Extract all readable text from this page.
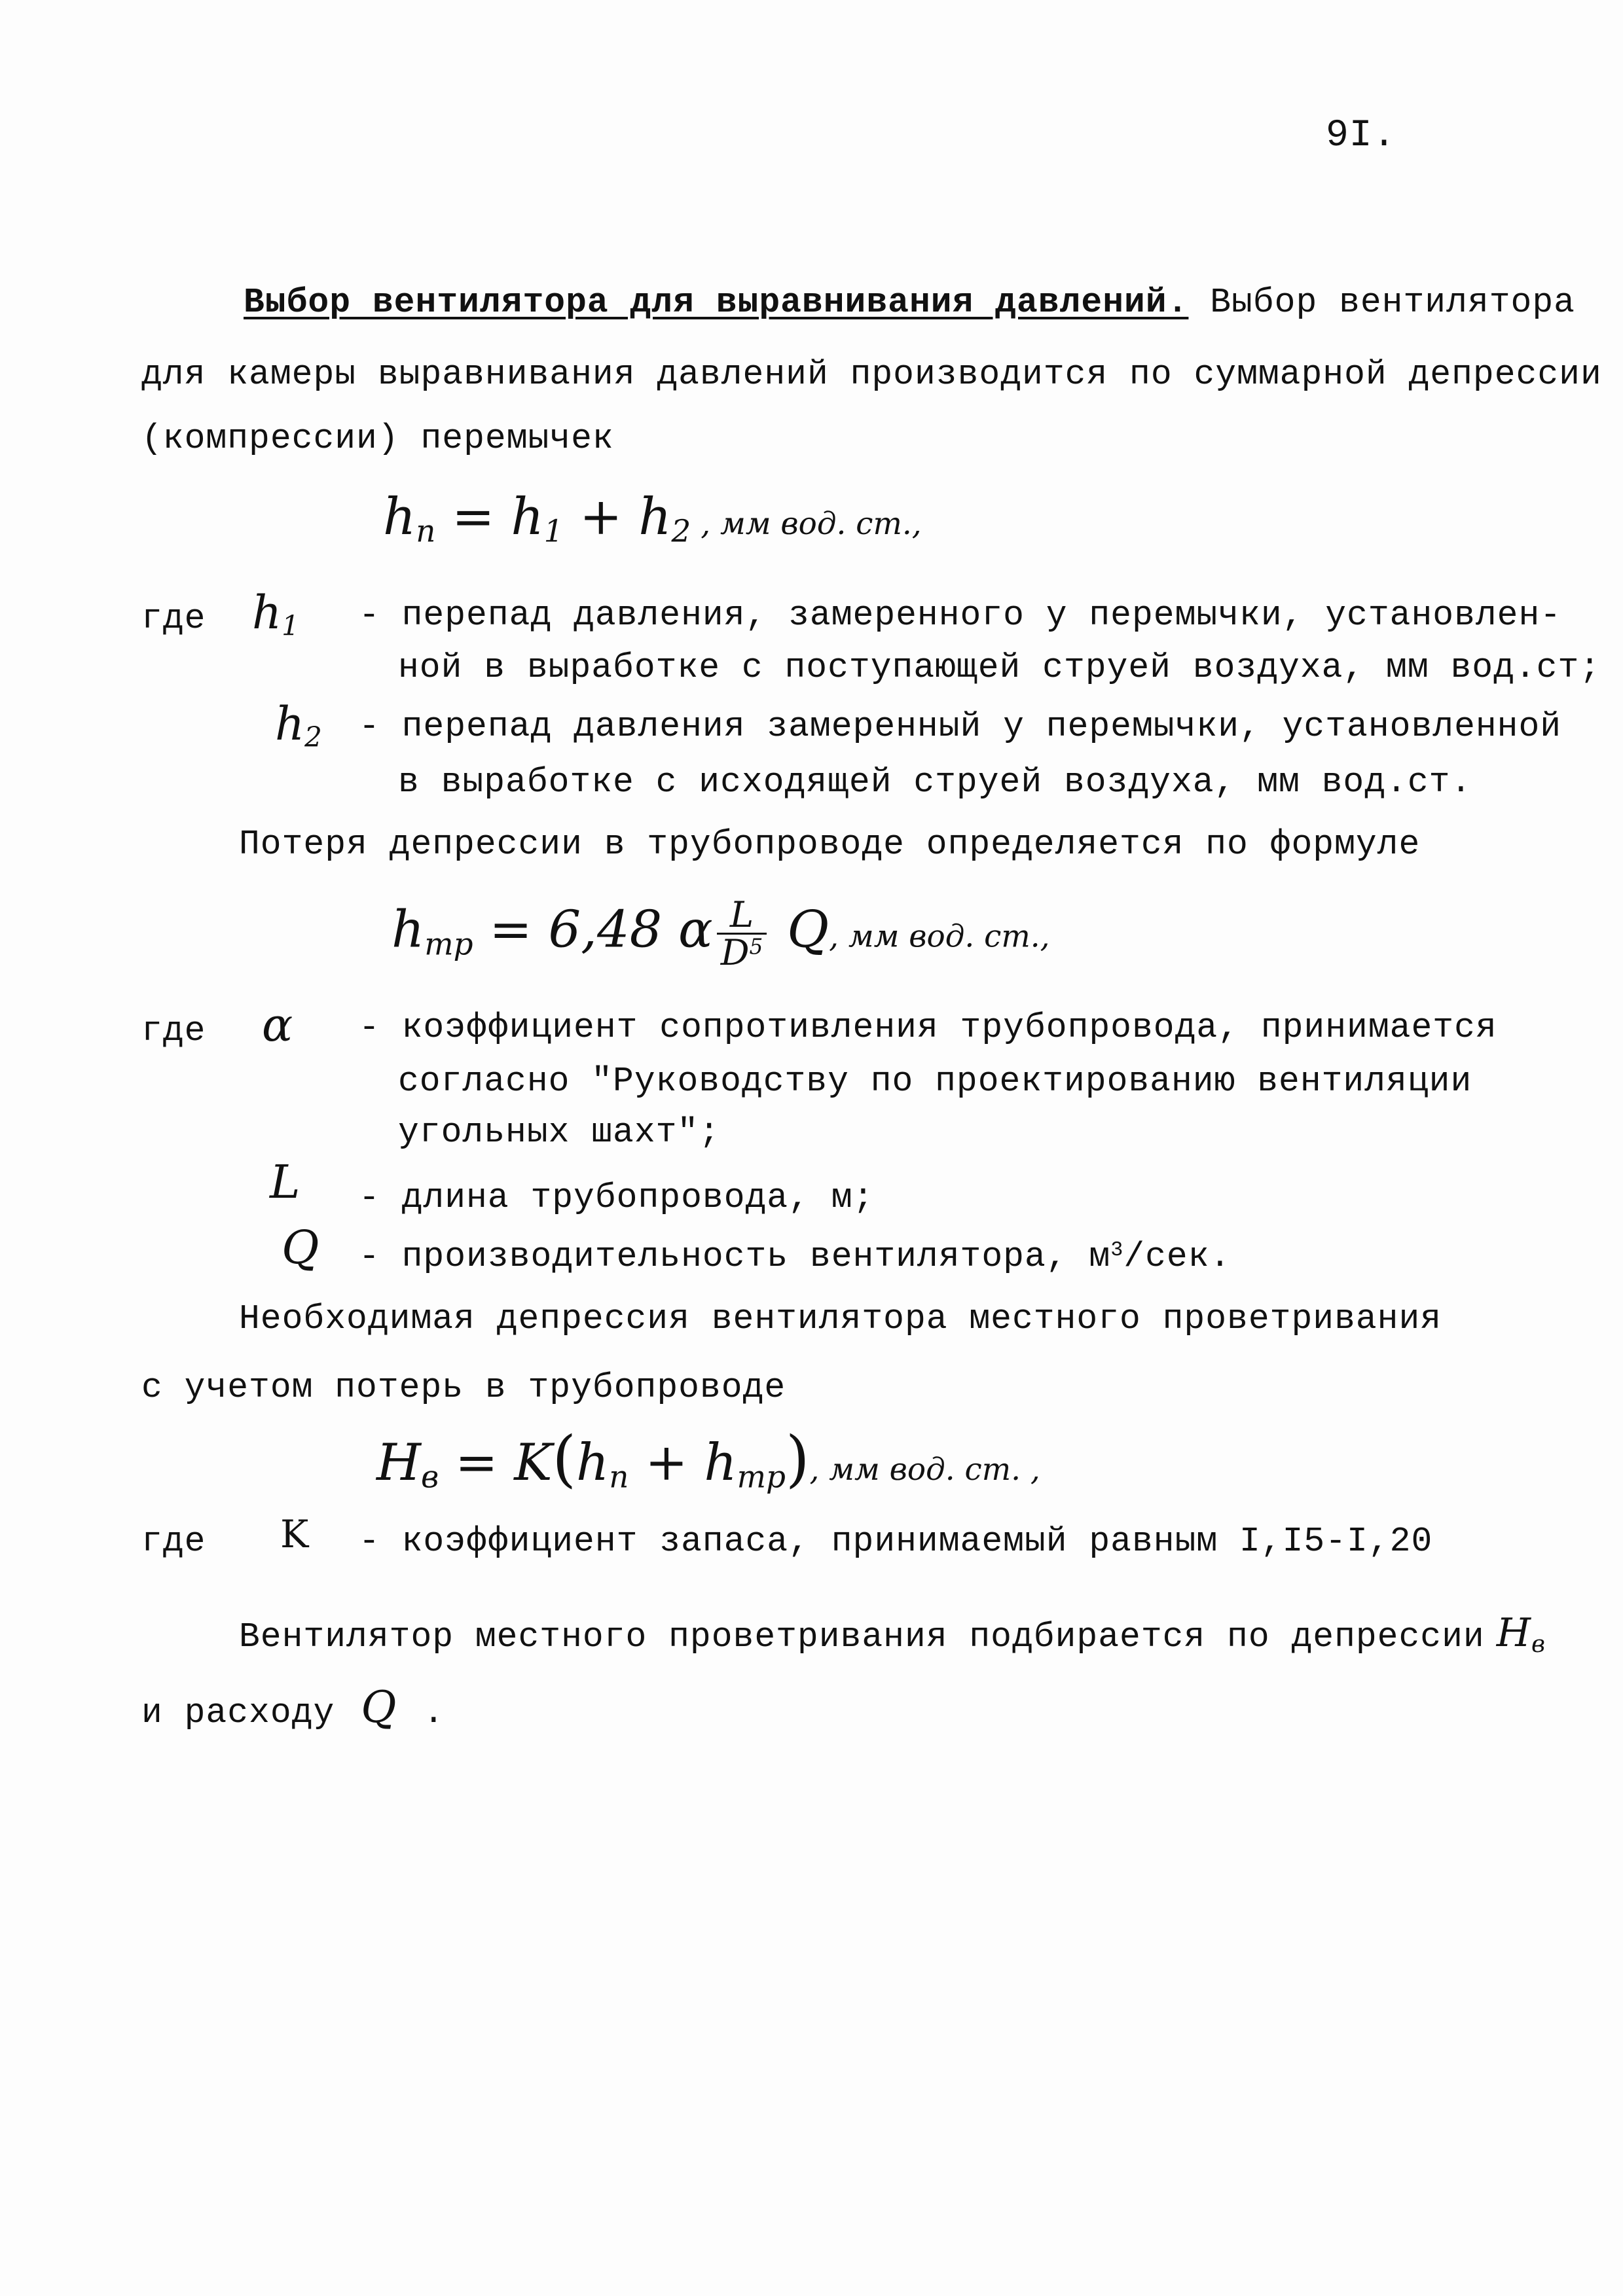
9I.
Выбор вентилятора для выравнивания давлений. Выбор вентилятора
для камеры выравнивания давлений производится по суммарной депрессии
(компрессии) перемычек
$h_п = h_1 + h_2$ , мм вод. ст.,
где $h_1$ - перепад давления, замеренного у перемычки, установлен-
ной в выработке с поступающей струей воздуха, мм вод.ст;
$h_2$ - перепад давления замеренный у перемычки, установленной
в выработке с исходящей струей воздуха, мм вод.ст.
Потеря депрессии в трубопроводе определяется по формуле
$h_{тр} = 6,48$ α $\frac{L}{D^5} Q$, мм вод. ст.,
где α - коэффициент сопротивления трубопровода, принимается
согласно "Руководству по проектированию вентиляции
угольных шахт";
L - длина трубопровода, м;
Q - производительность вентилятора, $м^3$/сек.
Необходимая депрессия вентилятора местного проветривания
с учетом потерь в трубопроводе
$H_в = K(h_п + h_{тр})$, мм вод. ст. ,
где K - коэффициент запаса, принимаемый равным I,I5-I,20
Вентилятор местного проветривания подбирается по депрессии $H_в$
и расходу Q .
